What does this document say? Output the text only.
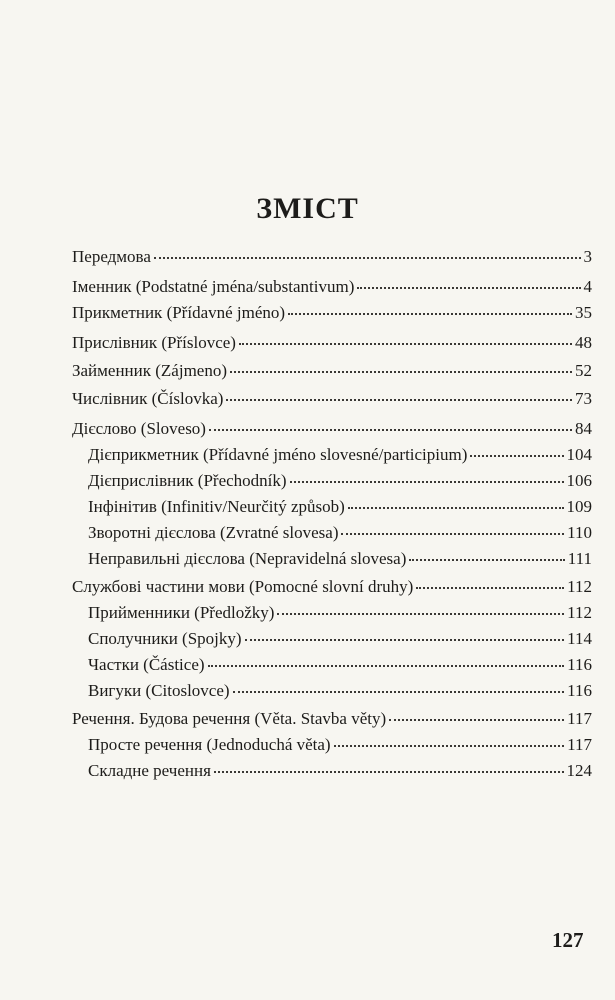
ЗМІСТ
Передмова	3
Іменник (Podstatné jména/substantivum)	4
Прикметник (Přídavné jméno)	35
Прислівник (Příslovce)	48
Займенник (Zájmeno)	52
Числівник (Číslovka)	73
Дієслово (Sloveso)	84
Дієприкметник (Přídavné jméno slovesné/participium)	104
Дієприслівник (Přechodník)	106
Інфінітив (Infinitiv/Neurčitý způsob)	109
Зворотні дієслова (Zvratné slovesa)	110
Неправильні дієслова (Nepravidelná slovesa)	111
Службові частини мови (Pomocné slovní druhy)	112
Прийменники (Předložky)	112
Сполучники (Spojky)	114
Частки (Částice)	116
Вигуки (Citoslovce)	116
Речення. Будова речення (Věta. Stavba věty)	117
Просте речення (Jednoduchá věta)	117
Складне речення	124
127
